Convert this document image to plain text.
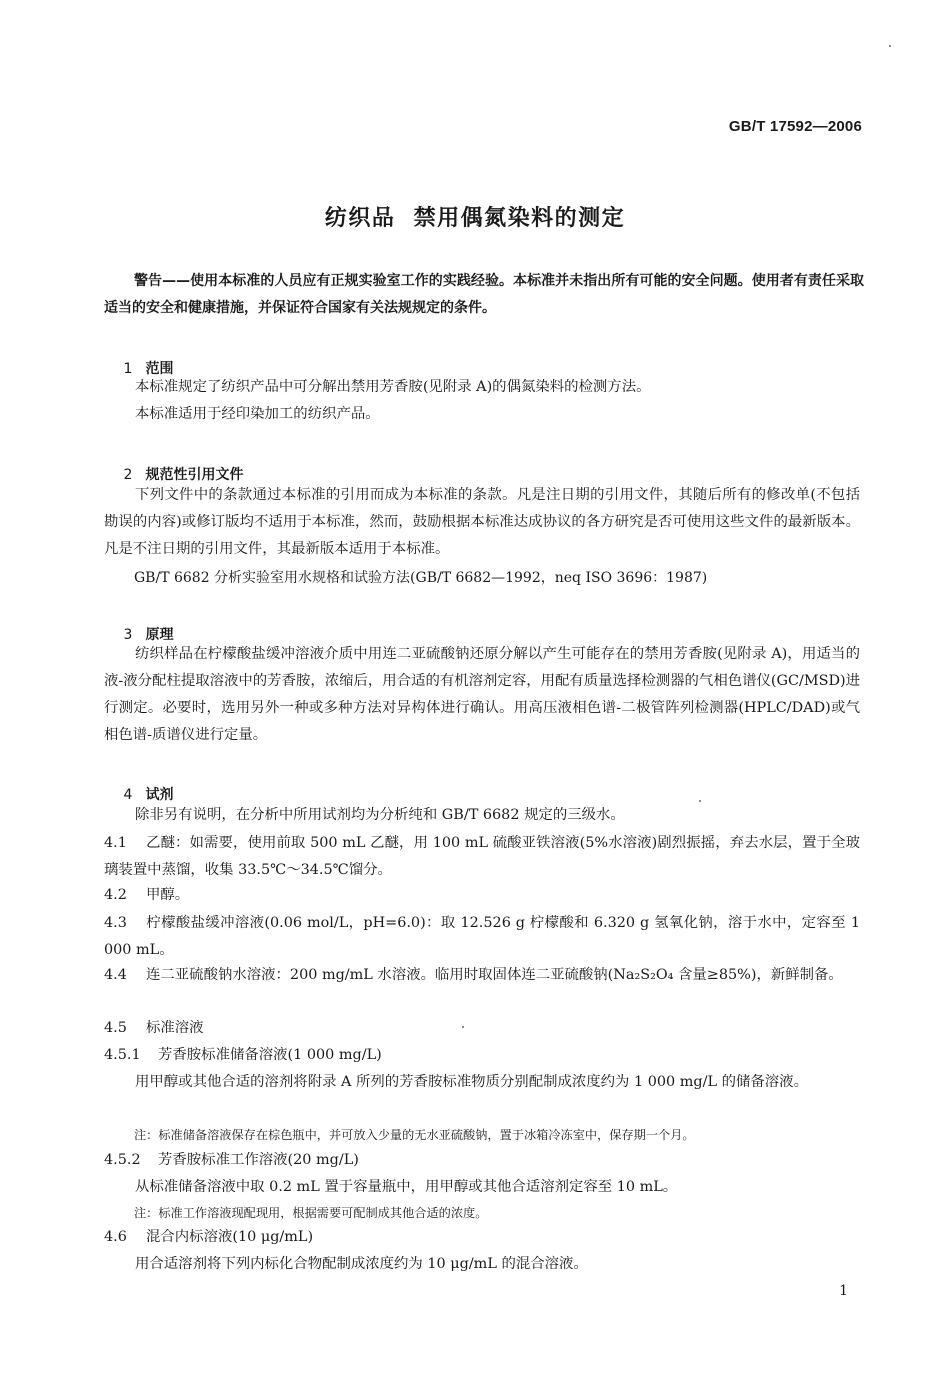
GB/T 17592—2006
纺织品  禁用偶氮染料的测定
警告——使用本标准的人员应有正规实验室工作的实践经验。本标准并未指出所有可能的安全问题。使用者有责任采取适当的安全和健康措施，并保证符合国家有关法规规定的条件。

1 范围

本标准规定了纺织产品中可分解出禁用芳香胺(见附录 A)的偶氮染料的检测方法。
本标准适用于经印染加工的纺织产品。

2 规范性引用文件

下列文件中的条款通过本标准的引用而成为本标准的条款。凡是注日期的引用文件，其随后所有的修改单(不包括勘误的内容)或修订版均不适用于本标准，然而，鼓励根据本标准达成协议的各方研究是否可使用这些文件的最新版本。凡是不注日期的引用文件，其最新版本适用于本标准。
GB/T 6682 分析实验室用水规格和试验方法(GB/T 6682—1992，neq ISO 3696：1987)

3 原理

纺织样品在柠檬酸盐缓冲溶液介质中用连二亚硫酸钠还原分解以产生可能存在的禁用芳香胺(见附录 A)，用适当的液-液分配柱提取溶液中的芳香胺，浓缩后，用合适的有机溶剂定容，用配有质量选择检测器的气相色谱仪(GC/MSD)进行测定。必要时，选用另外一种或多种方法对异构体进行确认。用高压液相色谱-二极管阵列检测器(HPLC/DAD)或气相色谱-质谱仪进行定量。

4 试剂

除非另有说明，在分析中所用试剂均为分析纯和 GB/T 6682 规定的三级水。
4.1 乙醚：如需要，使用前取 500 mL 乙醚，用 100 mL 硫酸亚铁溶液(5%水溶液)剧烈振摇，弃去水层，置于全玻璃装置中蒸馏，收集 33.5℃～34.5℃馏分。
4.2 甲醇。
4.3 柠檬酸盐缓冲溶液(0.06 mol/L，pH=6.0)：取 12.526 g 柠檬酸和 6.320 g 氢氧化钠，溶于水中，定容至 1 000 mL。
4.4 连二亚硫酸钠水溶液：200 mg/mL 水溶液。临用时取固体连二亚硫酸钠(Na₂S₂O₄ 含量≥85%)，新鲜制备。
4.5 标准溶液
4.5.1 芳香胺标准储备溶液(1 000 mg/L)
用甲醇或其他合适的溶剂将附录 A 所列的芳香胺标准物质分别配制成浓度约为 1 000 mg/L 的储备溶液。
注：标准储备溶液保存在棕色瓶中，并可放入少量的无水亚硫酸钠，置于冰箱冷冻室中，保存期一个月。
4.5.2 芳香胺标准工作溶液(20 mg/L)
从标准储备溶液中取 0.2 mL 置于容量瓶中，用甲醇或其他合适溶剂定容至 10 mL。
注：标准工作溶液现配现用，根据需要可配制成其他合适的浓度。
4.6 混合内标溶液(10 μg/mL)
用合适溶剂将下列内标化合物配制成浓度约为 10 μg/mL 的混合溶液。
1
